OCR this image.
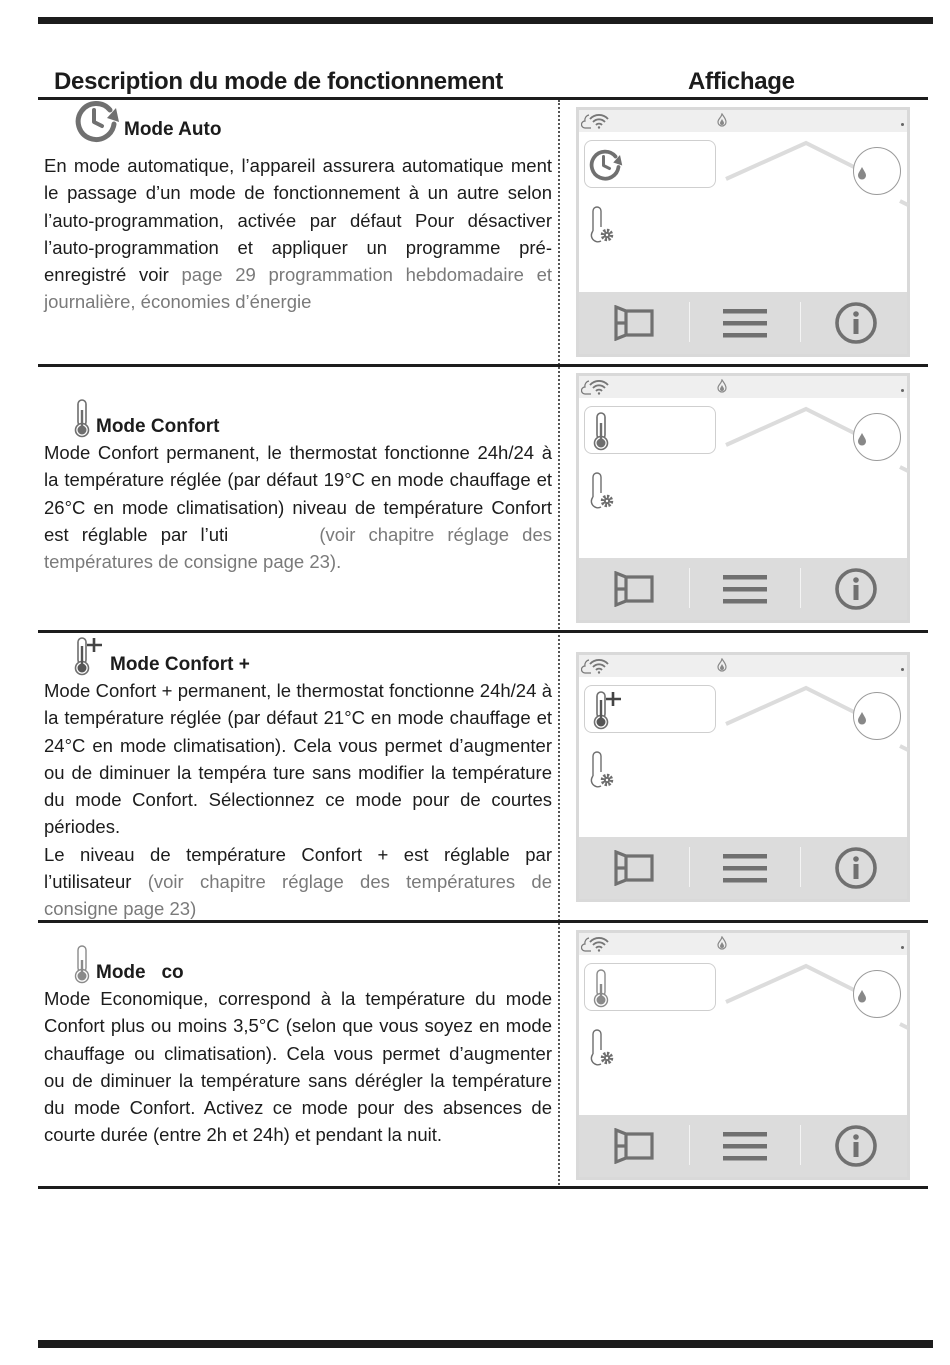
Description du mode de fonctionnement	Affichage
Mode Auto

En mode automatique, l’appareil assurera automatique ment le passage d’un mode de fonctionnement à un autre selon l’auto-programmation, activée par défaut Pour désactiver l’auto-programmation et appliquer un programme pré-enregistré voir page 29 programmation hebdomadaire et journalière, économies d’énergie

Mode Confort

Mode Confort permanent, le thermostat fonctionne 24h/24 à la température réglée (par défaut 19°C en mode chauffage et 26°C en mode climatisation) niveau de température Confort est réglable par l’uti	(voir chapitre réglage des températures de consigne page 23).

Mode Confort +

Mode Confort + permanent, le thermostat fonctionne 24h/24 à la température réglée (par défaut 21°C en mode chauffage et 24°C en mode climatisation). Cela vous permet d’augmenter ou de diminuer la tempéra ture sans modifier la température du mode Confort. Sélectionnez ce mode pour de courtes périodes.
Le niveau de température Confort + est réglable par l’utilisateur (voir chapitre réglage des températures de consigne page 23)

Mode   co

Mode Economique, correspond à la température du mode Confort plus ou moins 3,5°C (selon que vous soyez en mode chauffage ou climatisation). Cela vous permet d’augmenter ou de diminuer la température sans dérégler la température du mode Confort. Activez ce mode pour des absences de courte durée (entre 2h et 24h) et pendant la nuit.
